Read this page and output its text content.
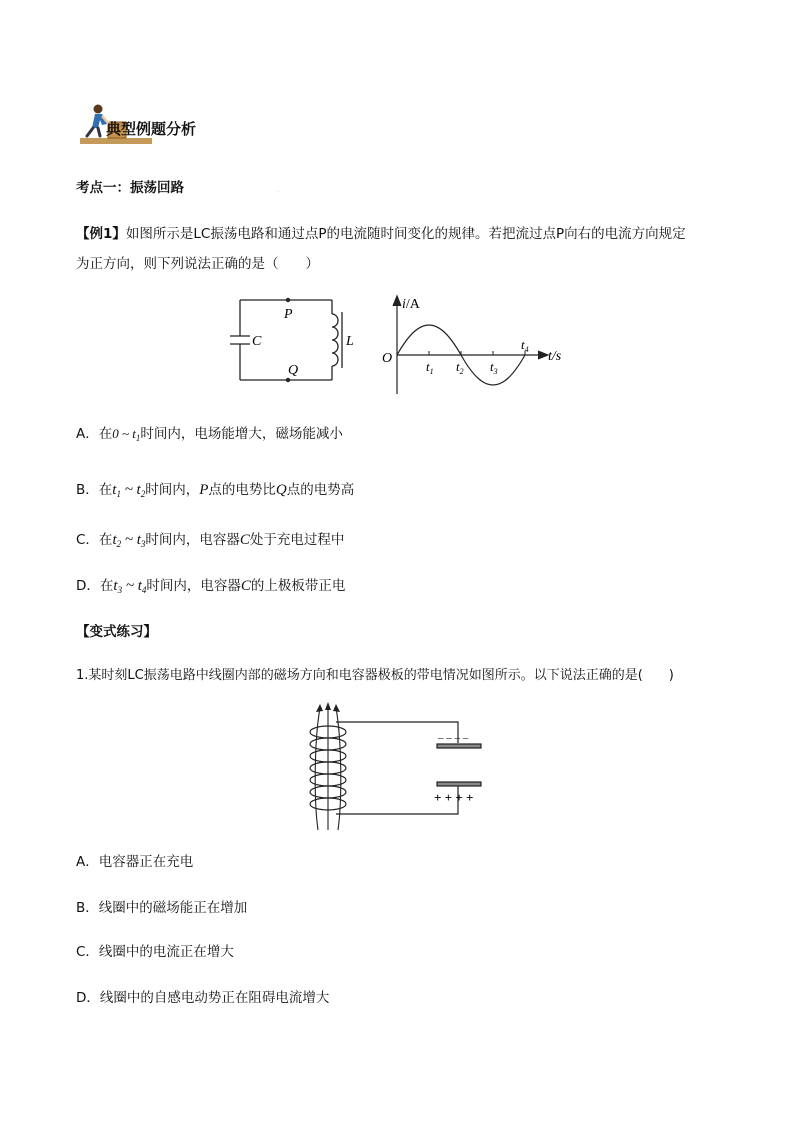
典型例题分析
考点一：振荡回路
【例1】如图所示是LC振荡电路和通过点P的电流随时间变化的规律。若把流过点P向右的电流方向规定
为正方向，则下列说法正确的是（　　）
P
Q
C	L
i/A
i/A
O	t/s
$t_1$ $t_2$ $t_3$
$t_4$
A．在0 ~ $t_1$时间内，电场能增大，磁场能减小
B．在$t_1$ ~ $t_2$时间内，P点的电势比Q点的电势高
C．在$t_2$ ~ $t_3$时间内，电容器C处于充电过程中
D．在$t_3$ ~ $t_4$时间内，电容器C的上极板带正电
【变式练习】
1.某时刻LC振荡电路中线圈内部的磁场方向和电容器极板的带电情况如图所示。以下说法正确的是(　　)
– – – –
+ + + +
A．电容器正在充电
B．线圈中的磁场能正在增加
C．线圈中的电流正在增大
D．线圈中的自感电动势正在阻碍电流增大
